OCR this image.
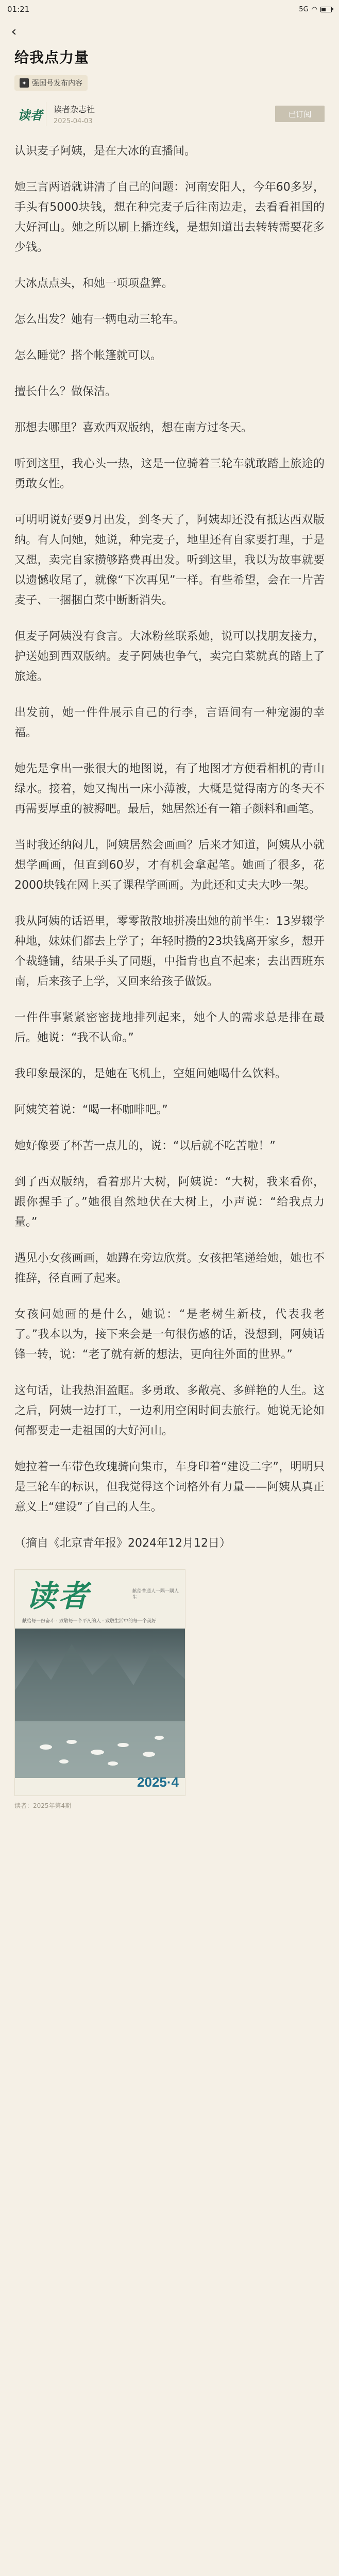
01:21	5G ◠
‹
给我点力量
✦ 强国号发布内容
读者	读者杂志社
2025-04-03
已订阅

认识麦子阿姨，是在大冰的直播间。

她三言两语就讲清了自己的问题：河南安阳人，今年60多岁，手头有5000块钱，想在种完麦子后往南边走，去看看祖国的大好河山。她之所以刷上播连线，是想知道出去转转需要花多少钱。

大冰点点头，和她一项项盘算。

怎么出发？她有一辆电动三轮车。

怎么睡觉？搭个帐篷就可以。

擅长什么？做保洁。

那想去哪里？喜欢西双版纳，想在南方过冬天。

听到这里，我心头一热，这是一位骑着三轮车就敢踏上旅途的勇敢女性。

可明明说好要9月出发，到冬天了，阿姨却还没有抵达西双版纳。有人问她，她说，种完麦子，地里还有自家要打理，于是又想，卖完自家攒够路费再出发。听到这里，我以为故事就要以遗憾收尾了，就像“下次再见”一样。有些希望，会在一片苦麦子、一捆捆白菜中断断消失。

但麦子阿姨没有食言。大冰粉丝联系她，说可以找朋友接力，护送她到西双版纳。麦子阿姨也争气，卖完白菜就真的踏上了旅途。

出发前，她一件件展示自己的行李，言语间有一种宠溺的幸福。

她先是拿出一张很大的地图说，有了地图才方便看相机的青山绿水。接着，她又掏出一床小薄被，大概是觉得南方的冬天不再需要厚重的被褥吧。最后，她居然还有一箱子颜料和画笔。

当时我还纳闷儿，阿姨居然会画画？后来才知道，阿姨从小就想学画画，但直到60岁，才有机会拿起笔。她画了很多，花2000块钱在网上买了课程学画画。为此还和丈夫大吵一架。

我从阿姨的话语里，零零散散地拼凑出她的前半生：13岁辍学种地，妹妹们都去上学了；年轻时攒的23块钱离开家乡，想开个裁缝铺，结果手头了同题，中指肯也直不起来；去出西班东南，后来孩子上学，又回来给孩子做饭。

一件件事紧紧密密拢地排列起来，她个人的需求总是排在最后。她说：“我不认命。”

我印象最深的，是她在飞机上，空姐问她喝什么饮料。

阿姨笑着说：“喝一杯咖啡吧。”

她好像要了杯苦一点儿的，说：“以后就不吃苦啦！”

到了西双版纳，看着那片大树，阿姨说：“大树，我来看你，跟你握手了。”她很自然地伏在大树上，小声说：“给我点力量。”

遇见小女孩画画，她蹲在旁边欣赏。女孩把笔递给她，她也不推辞，径直画了起来。

女孩问她画的是什么，她说：“是老树生新枝，代表我老了。”我本以为，接下来会是一句很伤感的话，没想到，阿姨话锋一转，说：“老了就有新的想法，更向往外面的世界。”

这句话，让我热泪盈眶。多勇敢、多敞亮、多鲜艳的人生。这之后，阿姨一边打工，一边利用空闲时间去旅行。她说无论如何都要走一走祖国的大好河山。

她拉着一车带色玫瑰骑向集市，车身印着“建设二字”，明明只是三轮车的标识，但我觉得这个词格外有力量——阿姨从真正意义上“建设”了自己的人生。

（摘自《北京青年报》2024年12月12日）

读者	献给普通人一隅一隅人生
献给每一份奋斗 · 致敬每一个平凡的人 · 致敬生活中的每一个美好
2025·4
读者：2025年第4期
